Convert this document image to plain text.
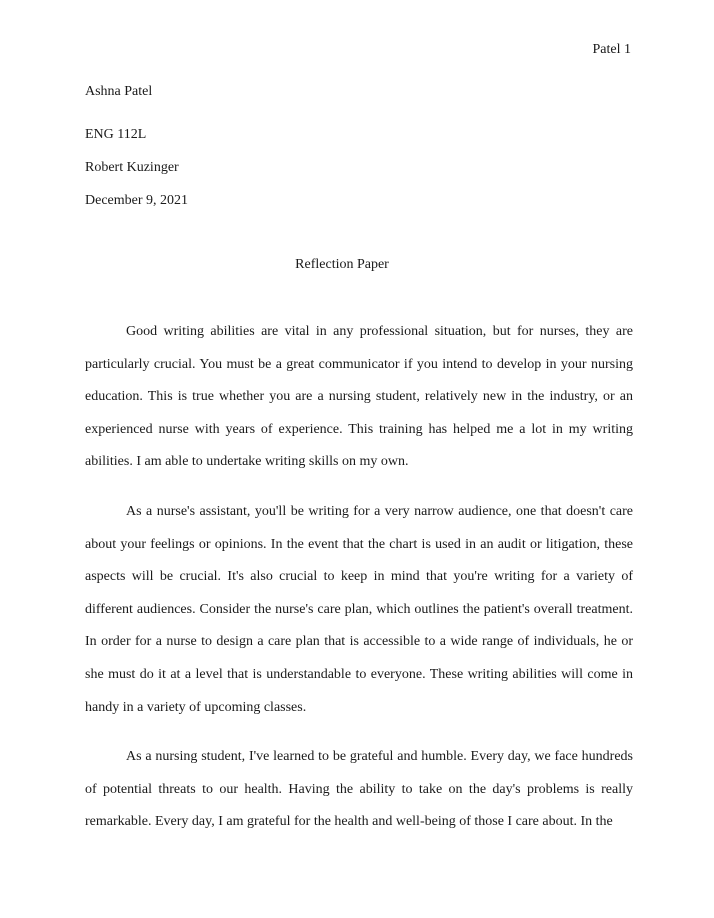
Patel 1

Ashna Patel

ENG 112L

Robert Kuzinger

December 9, 2021

Reflection Paper

Good writing abilities are vital in any professional situation, but for nurses, they are particularly crucial. You must be a great communicator if you intend to develop in your nursing education. This is true whether you are a nursing student, relatively new in the industry, or an experienced nurse with years of experience. This training has helped me a lot in my writing abilities. I am able to undertake writing skills on my own.

As a nurse's assistant, you'll be writing for a very narrow audience, one that doesn't care about your feelings or opinions. In the event that the chart is used in an audit or litigation, these aspects will be crucial. It's also crucial to keep in mind that you're writing for a variety of different audiences. Consider the nurse's care plan, which outlines the patient's overall treatment. In order for a nurse to design a care plan that is accessible to a wide range of individuals, he or she must do it at a level that is understandable to everyone. These writing abilities will come in handy in a variety of upcoming classes.

As a nursing student, I've learned to be grateful and humble. Every day, we face hundreds of potential threats to our health. Having the ability to take on the day's problems is really remarkable. Every day, I am grateful for the health and well-being of those I care about. In the
